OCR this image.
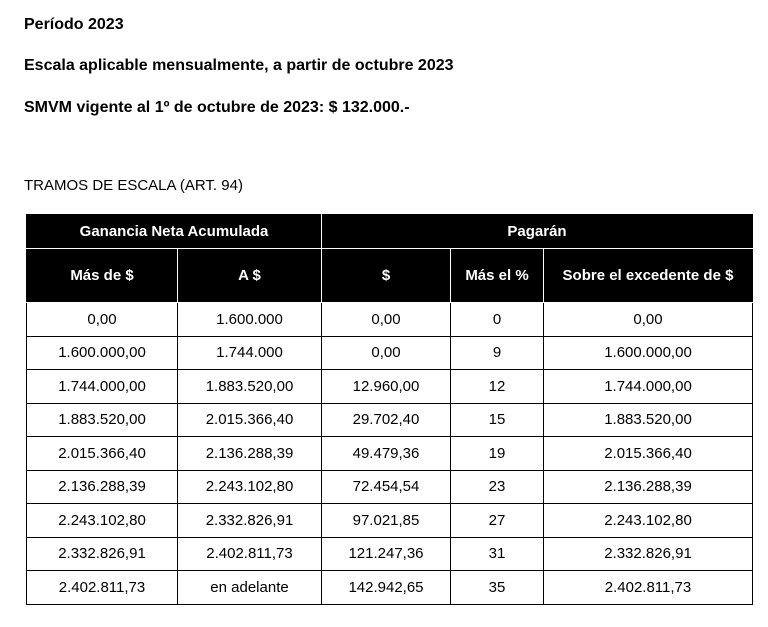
Período 2023
Escala aplicable mensualmente, a partir de octubre 2023
SMVM vigente al 1º de octubre de 2023: $ 132.000.-
TRAMOS DE ESCALA (ART. 94)
Ganancia Neta Acumulada		Pagarán		
Más de $	A $	$	Más el %	Sobre el excedente de $
0,00	1.600.000	0,00	0	0,00
1.600.000,00	1.744.000	0,00	9	1.600.000,00
1.744.000,00	1.883.520,00	12.960,00	12	1.744.000,00
1.883.520,00	2.015.366,40	29.702,40	15	1.883.520,00
2.015.366,40	2.136.288,39	49.479,36	19	2.015.366,40
2.136.288,39	2.243.102,80	72.454,54	23	2.136.288,39
2.243.102,80	2.332.826,91	97.021,85	27	2.243.102,80
2.332.826,91	2.402.811,73	121.247,36	31	2.332.826,91
2.402.811,73	en adelante	142.942,65	35	2.402.811,73
